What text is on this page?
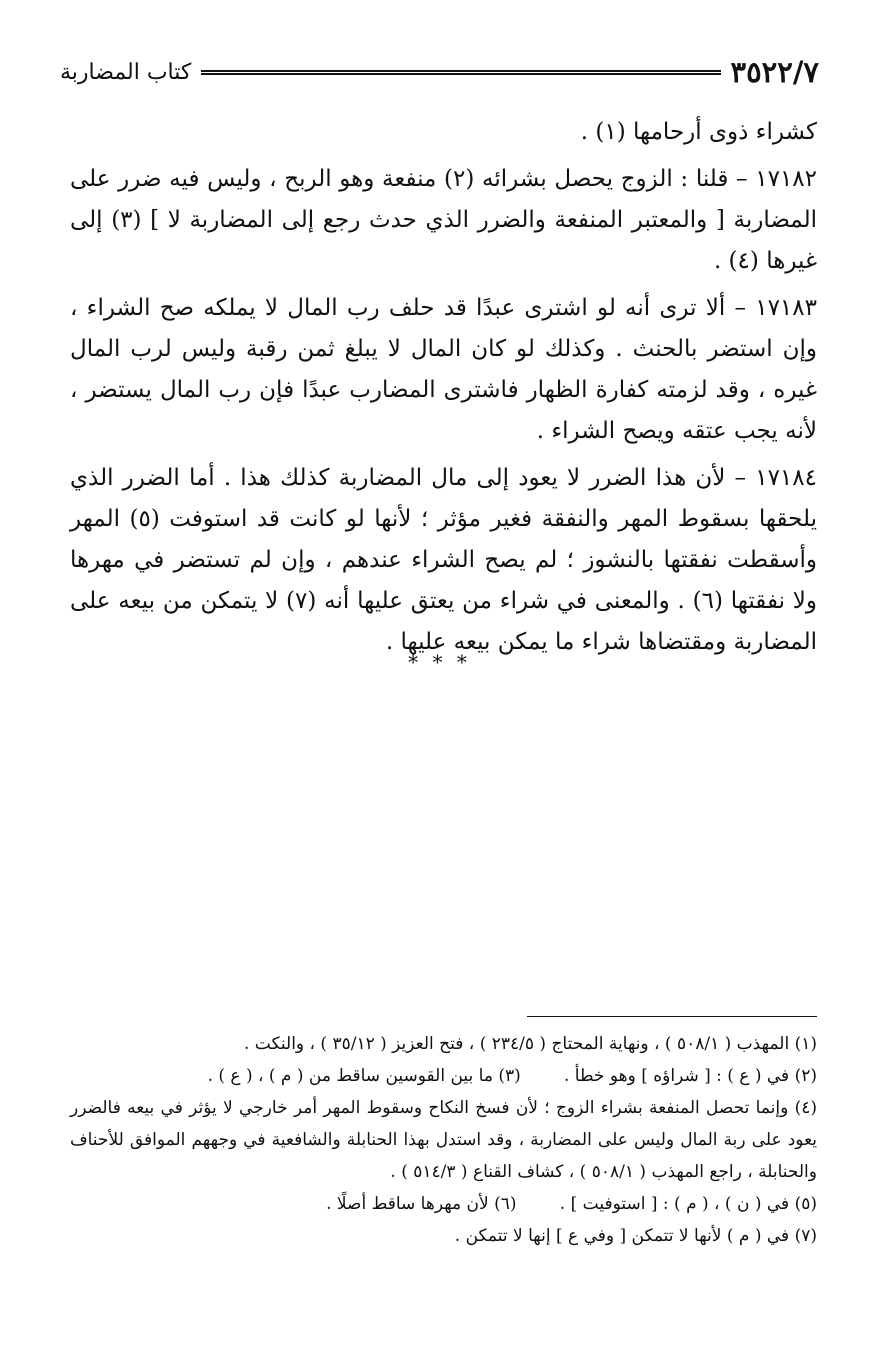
٣٥٢٢/٧
كتاب المضاربة

كشراء ذوى أرحامها (١) .

١٧١٨٢ – قلنا : الزوج يحصل بشرائه (٢) منفعة وهو الربح ، وليس فيه ضرر على المضاربة [ والمعتبر المنفعة والضرر الذي حدث رجع إلى المضاربة لا ] (٣) إلى غيرها (٤) .

١٧١٨٣ – ألا ترى أنه لو اشترى عبدًا قد حلف رب المال لا يملكه صح الشراء ، وإن استضر بالحنث . وكذلك لو كان المال لا يبلغ ثمن رقبة وليس لرب المال غيره ، وقد لزمته كفارة الظهار فاشترى المضارب عبدًا فإن رب المال يستضر ، لأنه يجب عتقه ويصح الشراء .

١٧١٨٤ – لأن هذا الضرر لا يعود إلى مال المضاربة كذلك هذا . أما الضرر الذي يلحقها بسقوط المهر والنفقة فغير مؤثر ؛ لأنها لو كانت قد استوفت (٥) المهر وأسقطت نفقتها بالنشوز ؛ لم يصح الشراء عندهم ، وإن لم تستضر في مهرها ولا نفقتها (٦) . والمعنى في شراء من يعتق عليها أنه (٧) لا يتمكن من بيعه على المضاربة ومقتضاها شراء ما يمكن بيعه عليها .

* * *

(١) المهذب ( ٥٠٨/١ ) ، ونهاية المحتاج ( ٢٣٤/٥ ) ، فتح العزيز ( ٣٥/١٢ ) ، والنكت .

(٢) في ( ع ) : [ شراؤه ] وهو خطأ .        (٣) ما بين القوسين ساقط من ( م ) ، ( ع ) .

(٤) وإنما تحصل المنفعة بشراء الزوج ؛ لأن فسخ النكاح وسقوط المهر أمر خارجي لا يؤثر في بيعه فالضرر يعود على ربة المال وليس على المضاربة ، وقد استدل بهذا الحنابلة والشافعية في وجههم الموافق للأحناف والحنابلة ، راجع المهذب ( ٥٠٨/١ ) ، كشاف القناع ( ٥١٤/٣ ) .

(٥) في ( ن ) ، ( م ) : [ استوفيت ] .        (٦) لأن مهرها ساقط أصلًا .

(٧) في ( م ) لأنها لا تتمكن [ وفي ع ] إنها لا تتمكن .
